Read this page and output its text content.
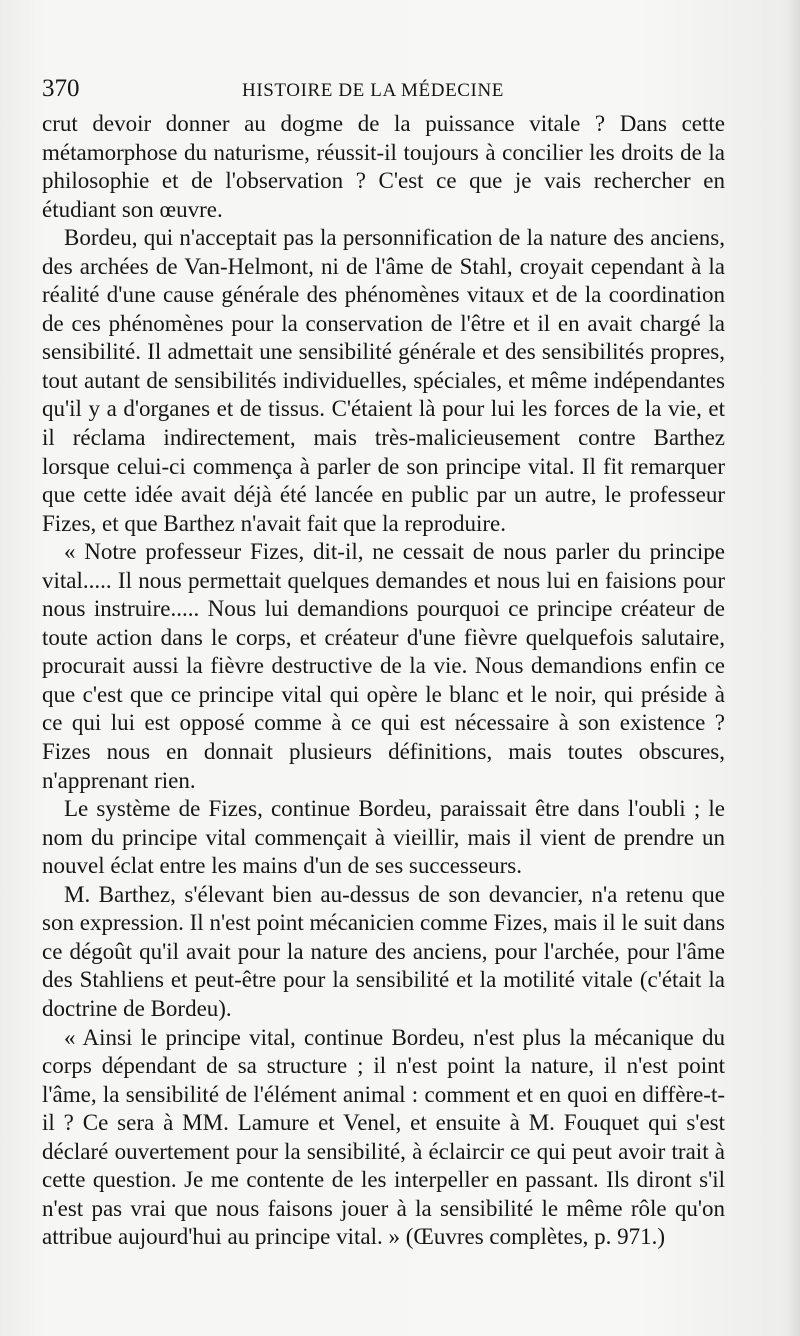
370	HISTOIRE DE LA MÉDECINE

crut devoir donner au dogme de la puissance vitale ? Dans cette métamorphose du naturisme, réussit-il toujours à concilier les droits de la philosophie et de l'observation ? C'est ce que je vais rechercher en étudiant son œuvre.

Bordeu, qui n'acceptait pas la personnification de la nature des anciens, des archées de Van-Helmont, ni de l'âme de Stahl, croyait cependant à la réalité d'une cause générale des phénomènes vitaux et de la coordination de ces phénomènes pour la conservation de l'être et il en avait chargé la sensibilité. Il admettait une sensibilité générale et des sensibilités propres, tout autant de sensibilités individuelles, spéciales, et même indépendantes qu'il y a d'organes et de tissus. C'étaient là pour lui les forces de la vie, et il réclama indirectement, mais très-malicieusement contre Barthez lorsque celui-ci commença à parler de son principe vital. Il fit remarquer que cette idée avait déjà été lancée en public par un autre, le professeur Fizes, et que Barthez n'avait fait que la reproduire.

« Notre professeur Fizes, dit-il, ne cessait de nous parler du principe vital..... Il nous permettait quelques demandes et nous lui en faisions pour nous instruire..... Nous lui demandions pourquoi ce principe créateur de toute action dans le corps, et créateur d'une fièvre quelquefois salutaire, procurait aussi la fièvre destructive de la vie. Nous demandions enfin ce que c'est que ce principe vital qui opère le blanc et le noir, qui préside à ce qui lui est opposé comme à ce qui est nécessaire à son existence ? Fizes nous en donnait plusieurs définitions, mais toutes obscures, n'apprenant rien.

Le système de Fizes, continue Bordeu, paraissait être dans l'oubli ; le nom du principe vital commençait à vieillir, mais il vient de prendre un nouvel éclat entre les mains d'un de ses successeurs.

M. Barthez, s'élevant bien au-dessus de son devancier, n'a retenu que son expression. Il n'est point mécanicien comme Fizes, mais il le suit dans ce dégoût qu'il avait pour la nature des anciens, pour l'archée, pour l'âme des Stahliens et peut-être pour la sensibilité et la motilité vitale (c'était la doctrine de Bordeu).

« Ainsi le principe vital, continue Bordeu, n'est plus la mécanique du corps dépendant de sa structure ; il n'est point la nature, il n'est point l'âme, la sensibilité de l'élément animal : comment et en quoi en diffère-t-il ? Ce sera à MM. Lamure et Venel, et ensuite à M. Fouquet qui s'est déclaré ouvertement pour la sensibilité, à éclaircir ce qui peut avoir trait à cette question. Je me contente de les interpeller en passant. Ils diront s'il n'est pas vrai que nous faisons jouer à la sensibilité le même rôle qu'on attribue aujourd'hui au principe vital. » (Œuvres complètes, p. 971.)
